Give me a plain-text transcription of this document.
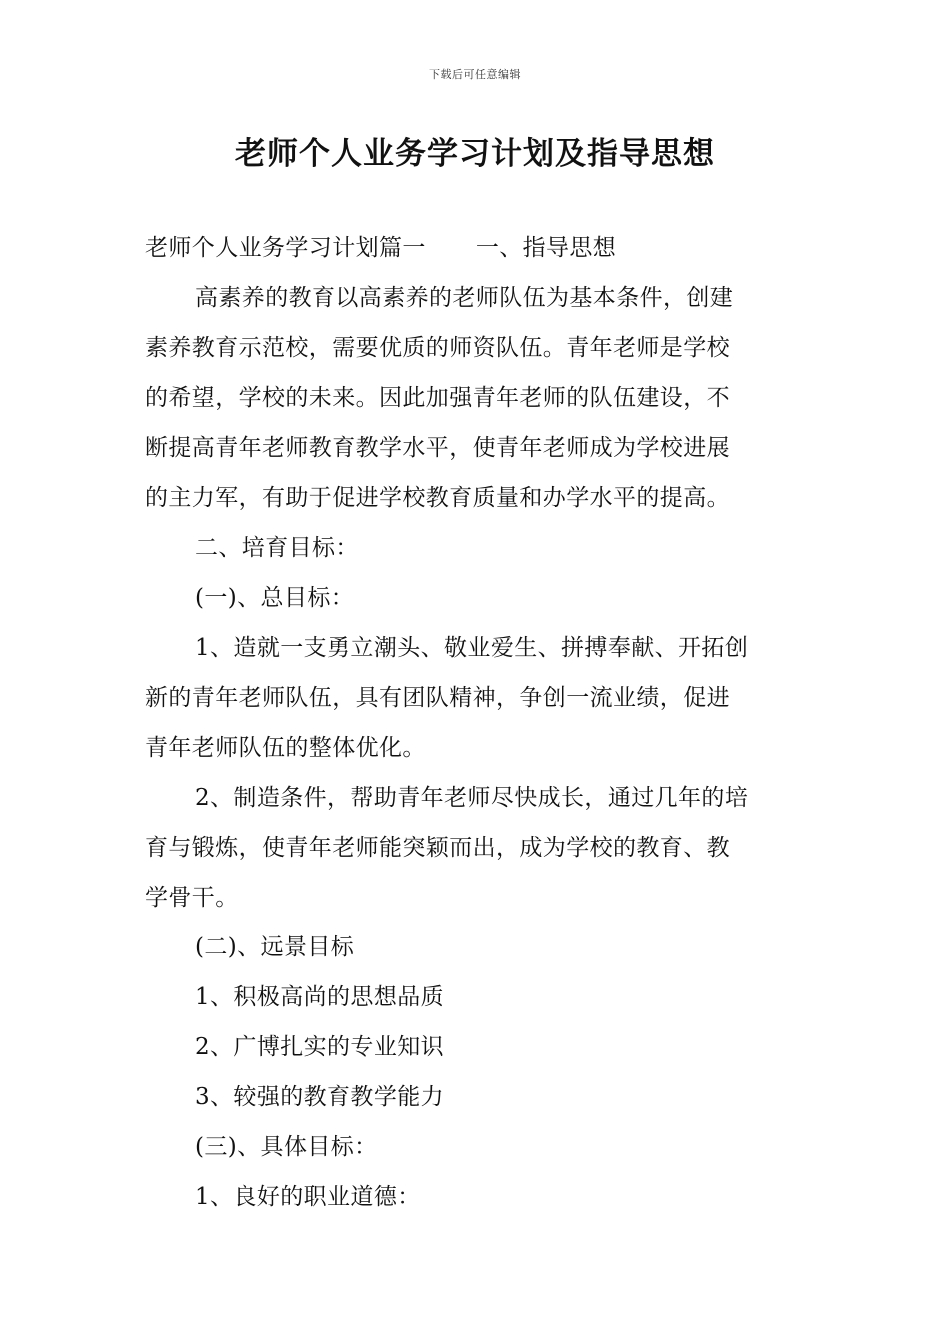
下载后可任意编辑
老师个人业务学习计划及指导思想
老师个人业务学习计划篇一 一、指导思想
高素养的教育以高素养的老师队伍为基本条件，创建
素养教育示范校，需要优质的师资队伍。青年老师是学校
的希望，学校的未来。因此加强青年老师的队伍建设，不
断提高青年老师教育教学水平，使青年老师成为学校进展
的主力军，有助于促进学校教育质量和办学水平的提高。
二、培育目标：
(一)、总目标：
1、造就一支勇立潮头、敬业爱生、拼搏奉献、开拓创
新的青年老师队伍，具有团队精神，争创一流业绩，促进
青年老师队伍的整体优化。
2、制造条件，帮助青年老师尽快成长，通过几年的培
育与锻炼，使青年老师能突颖而出，成为学校的教育、教
学骨干。
(二)、远景目标
1、积极高尚的思想品质
2、广博扎实的专业知识
3、较强的教育教学能力
(三)、具体目标：
1、良好的职业道德：
